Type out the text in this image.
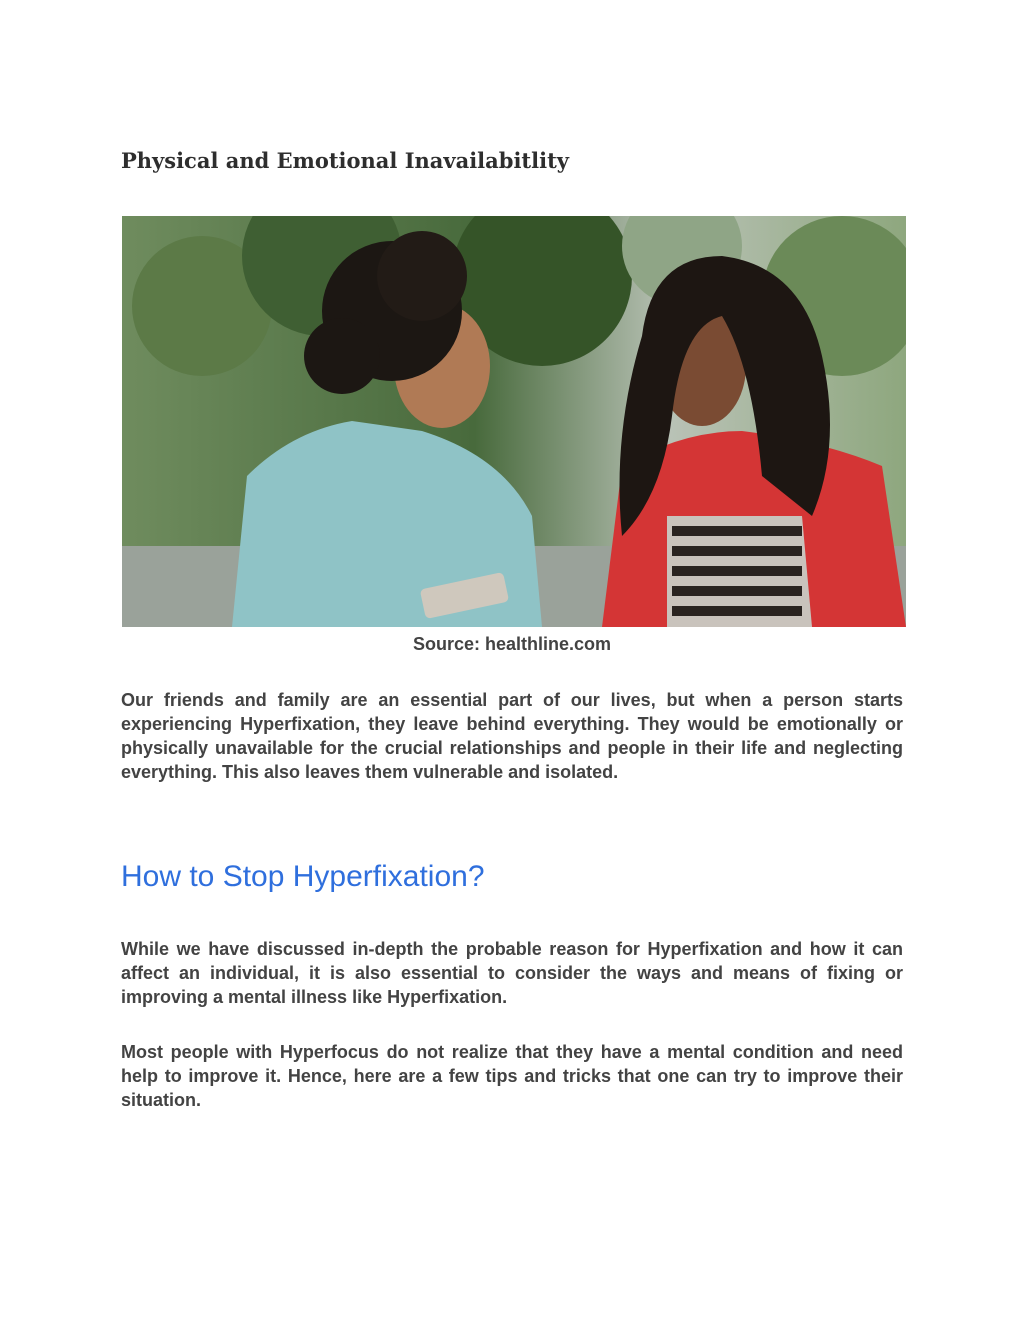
Physical and Emotional Inavailabitlity

Source: healthline.com

Our friends and family are an essential part of our lives, but when a person starts experiencing Hyperfixation, they leave behind everything. They would be emotionally or physically unavailable for the crucial relationships and people in their life and neglecting everything. This also leaves them vulnerable and isolated.

How to Stop Hyperfixation?

While we have discussed in-depth the probable reason for Hyperfixation and how it can affect an individual, it is also essential to consider the ways and means of fixing or improving a mental illness like Hyperfixation.

Most people with Hyperfocus do not realize that they have a mental condition and need help to improve it. Hence, here are a few tips and tricks that one can try to improve their situation.
